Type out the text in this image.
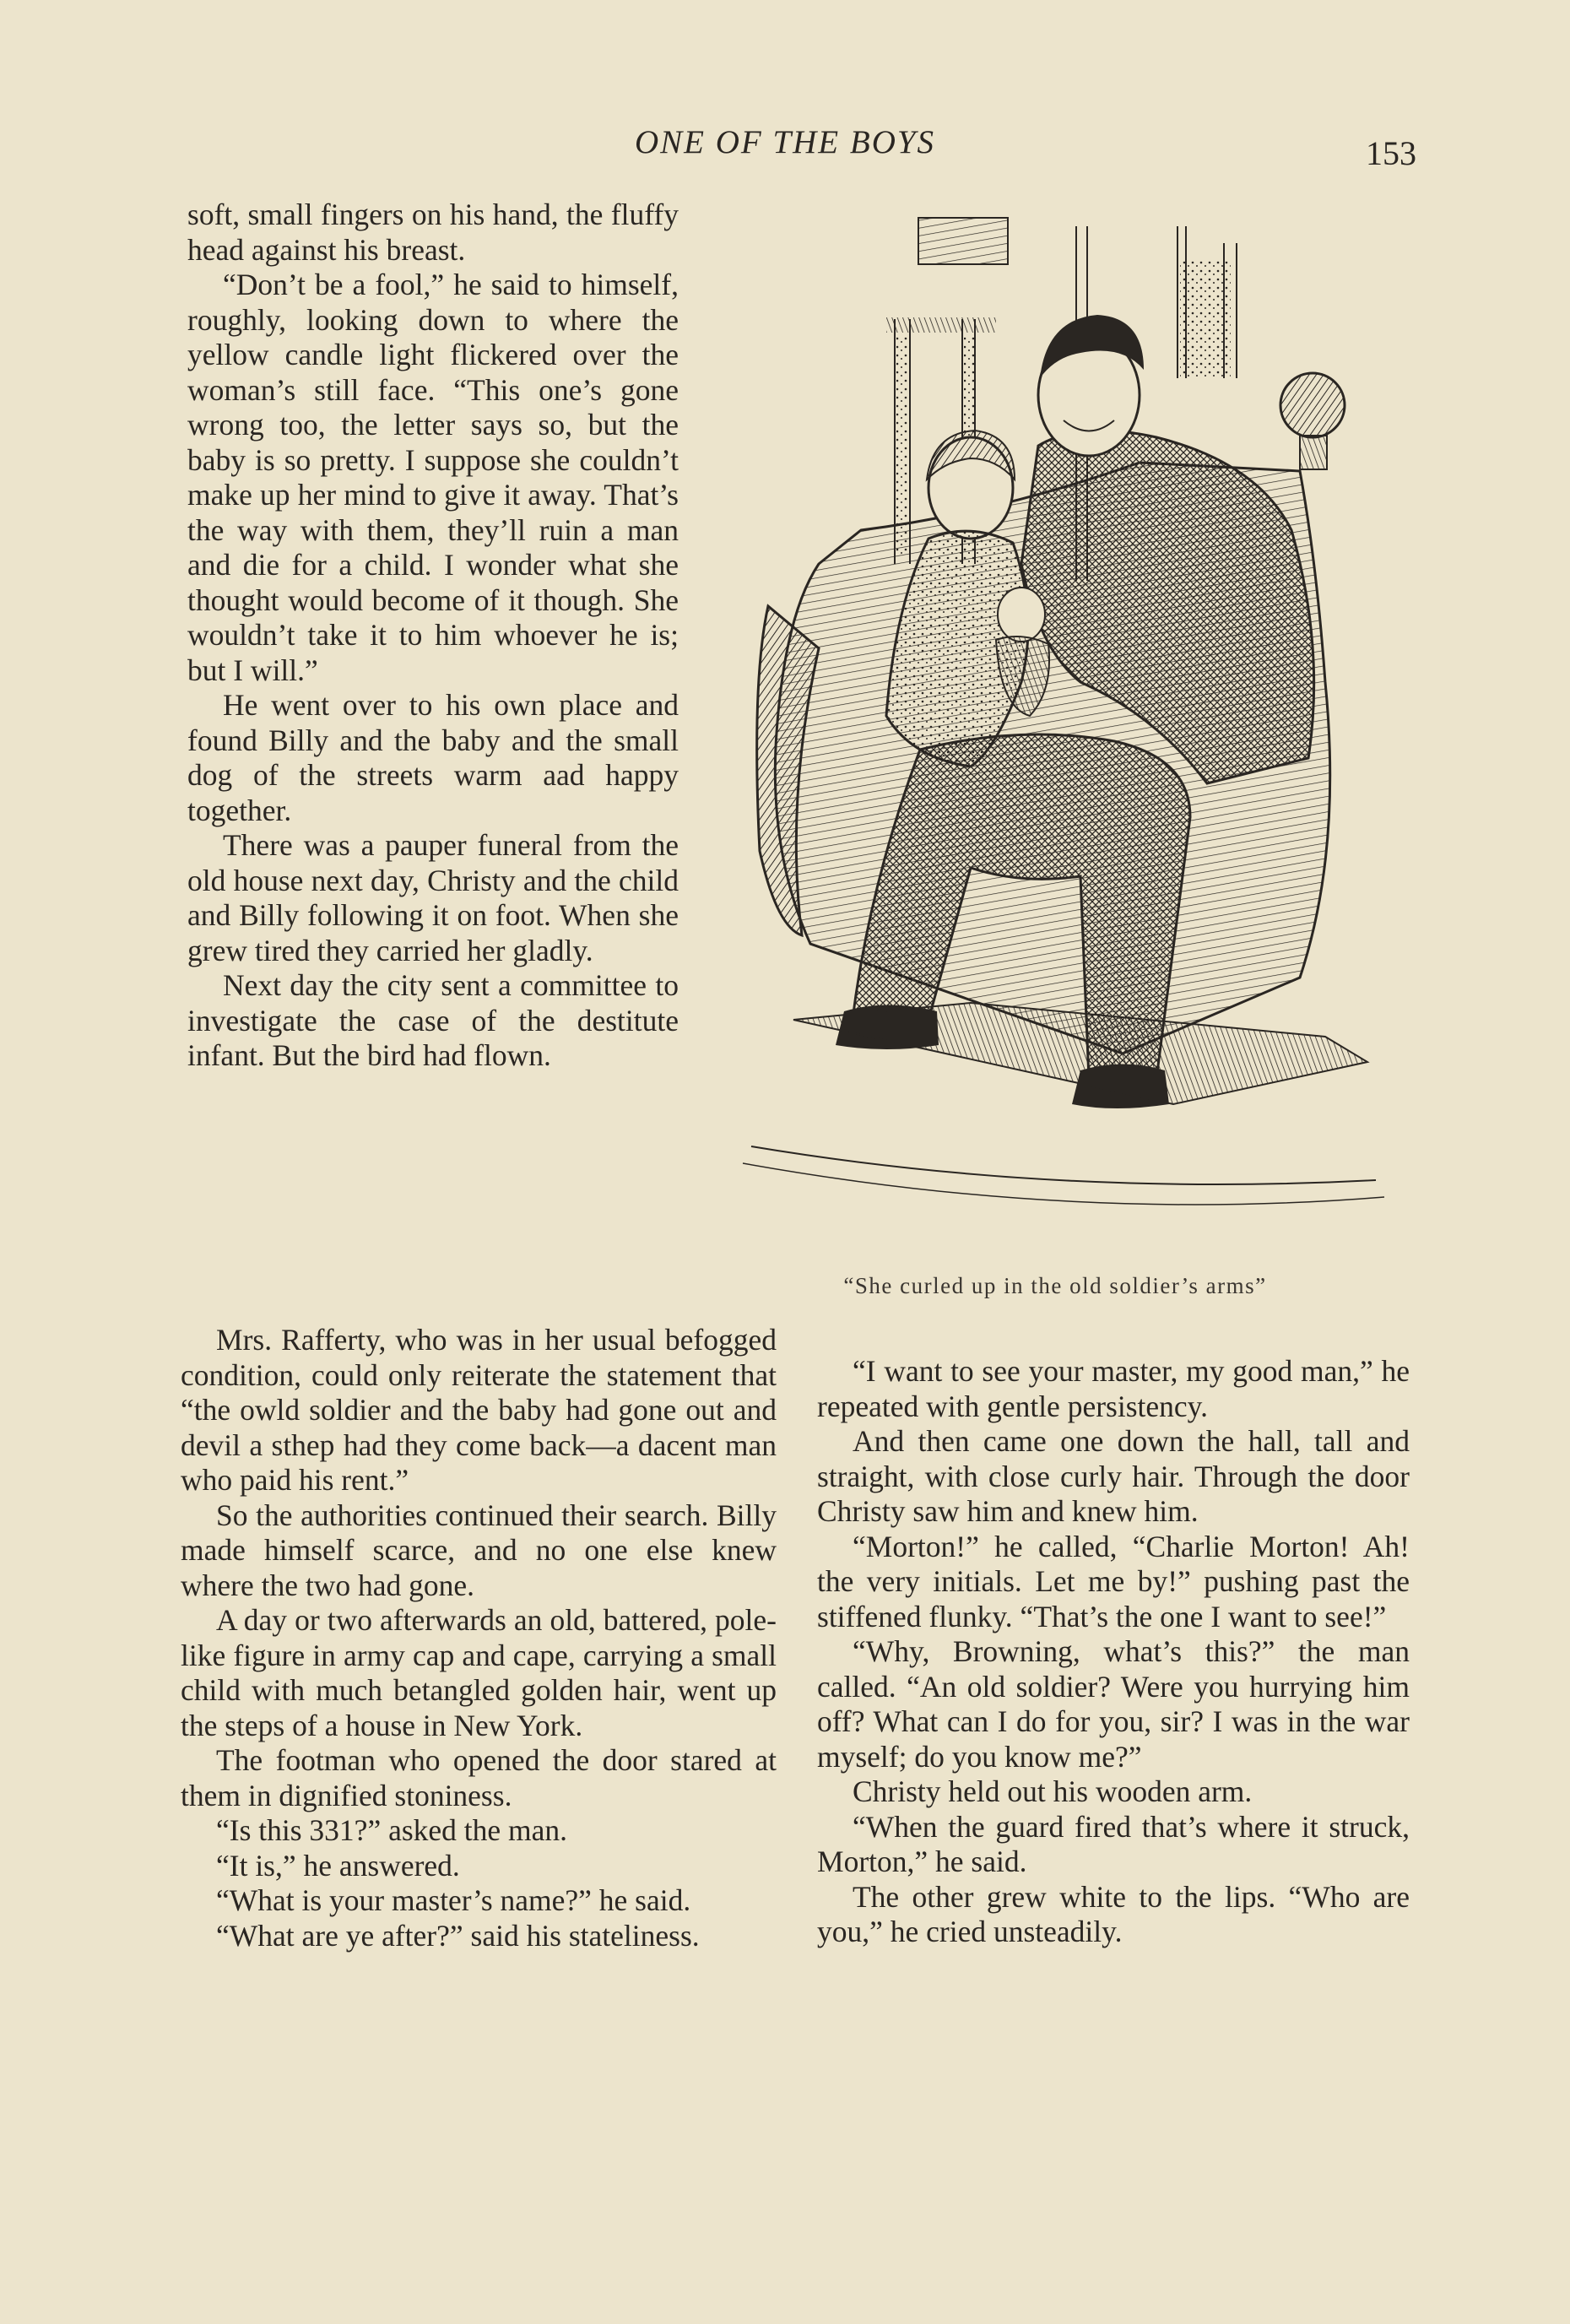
ONE OF THE BOYS	153

soft, small fingers on his hand, the fluffy head against his breast.

“Don’t be a fool,” he said to himself, roughly, looking down to where the yellow candle light flickered over the woman’s still face. “This one’s gone wrong too, the letter says so, but the baby is so pretty. I suppose she couldn’t make up her mind to give it away. That’s the way with them, they’ll ruin a man and die for a child. I wonder what she thought would become of it though. She wouldn’t take it to him whoever he is; but I will.”

He went over to his own place and found Billy and the baby and the small dog of the streets warm aad happy together.

There was a pauper funeral from the old house next day, Christy and the child and Billy following it on foot. When she grew tired they carried her gladly.

Next day the city sent a committee to investigate the case of the destitute infant. But the bird had flown.

“She curled up in the old soldier’s arms”

Mrs. Rafferty, who was in her usual befogged condition, could only reiterate the statement that “the owld soldier and the baby had gone out and devil a sthep had they come back—a dacent man who paid his rent.”

So the authorities continued their search. Billy made himself scarce, and no one else knew where the two had gone.

A day or two afterwards an old, battered, pole-like figure in army cap and cape, carrying a small child with much betangled golden hair, went up the steps of a house in New York.

The footman who opened the door stared at them in dignified stoniness.

“Is this 331?” asked the man.

“It is,” he answered.

“What is your master’s name?” he said.

“What are ye after?” said his stateliness.

“I want to see your master, my good man,” he repeated with gentle persistency.

And then came one down the hall, tall and straight, with close curly hair. Through the door Christy saw him and knew him.

“Morton!” he called, “Charlie Morton! Ah! the very initials. Let me by!” pushing past the stiffened flunky. “That’s the one I want to see!”

“Why, Browning, what’s this?” the man called. “An old soldier? Were you hurrying him off? What can I do for you, sir? I was in the war myself; do you know me?”

Christy held out his wooden arm.

“When the guard fired that’s where it struck, Morton,” he said.

The other grew white to the lips. “Who are you,” he cried unsteadily.
